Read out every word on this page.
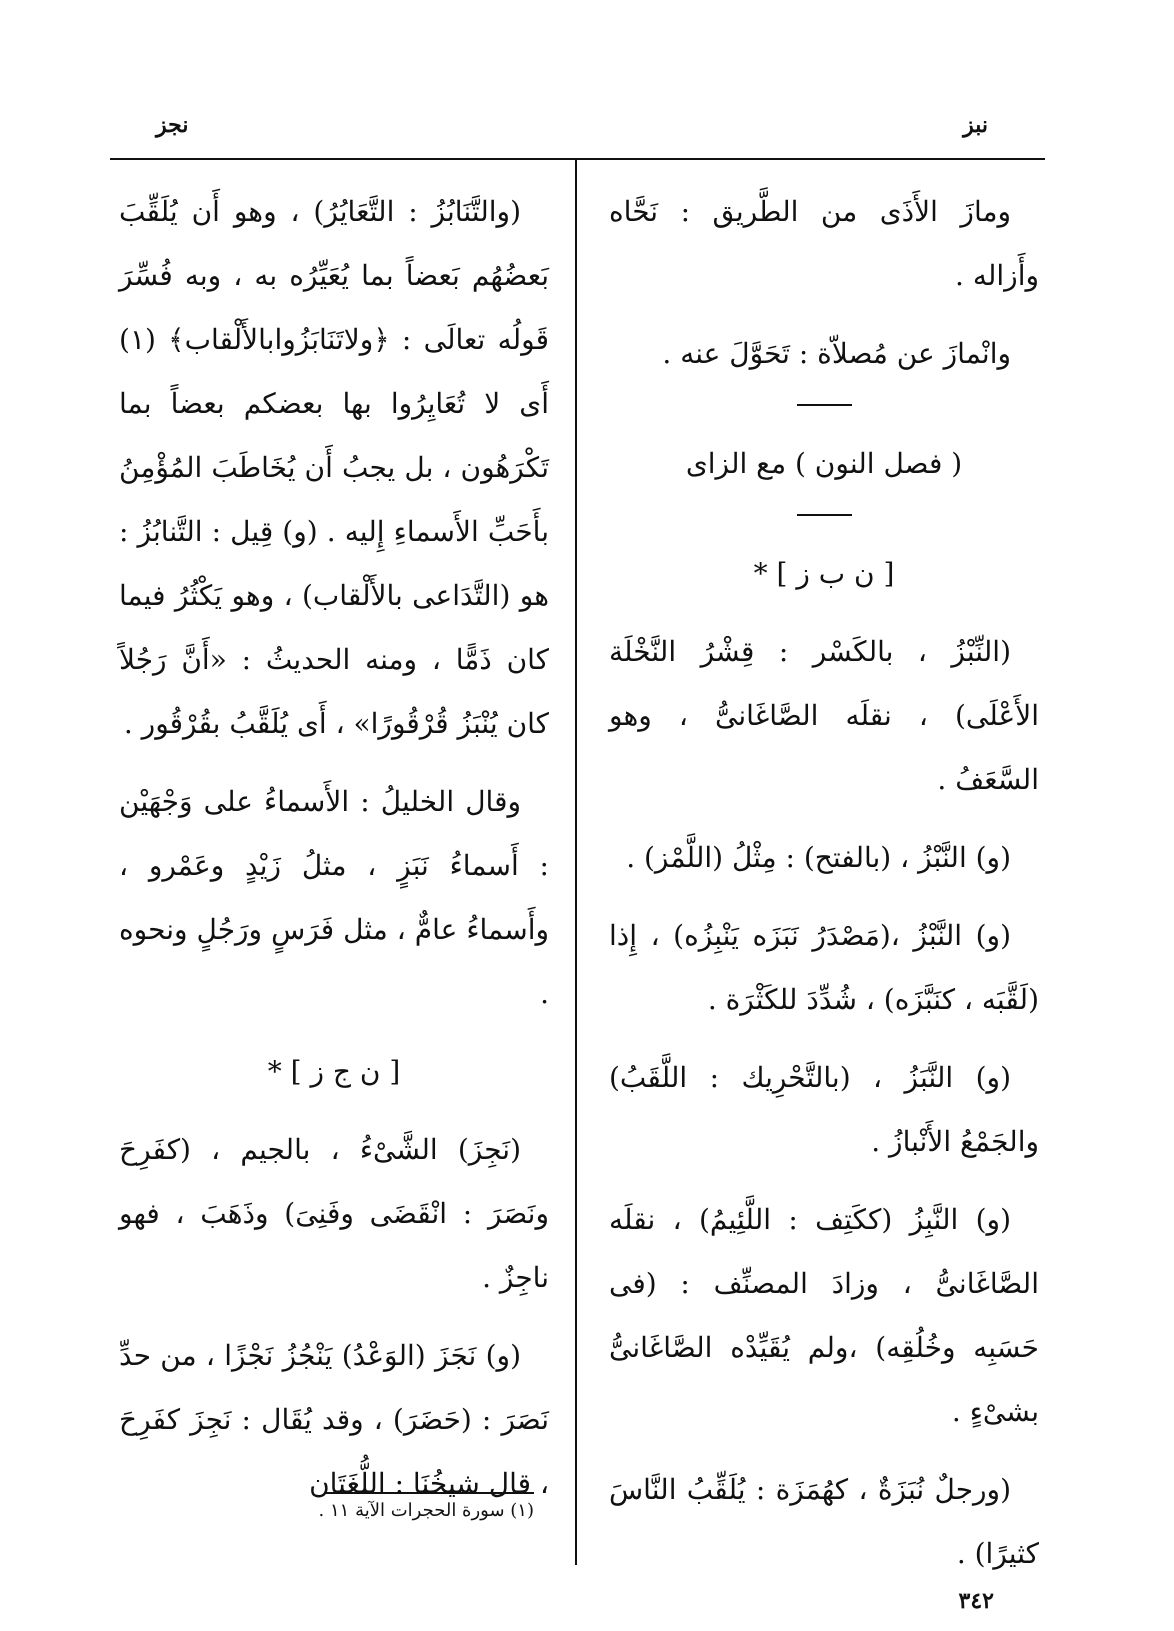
نبز
نجز

ومازَ الأَذَى من الطَّريق : نَحَّاه وأَزاله .

وانْمازَ عن مُصلاّة : تَحَوَّلَ عنه .

( فصل النون ) مع الزاى
[ ن ب ز ] *

(النِّبْزُ ، بالكَسْر : قِشْرُ النَّخْلَة الأَعْلَى) ، نقلَه الصَّاغَانىُّ ، وهو السَّعَفُ .

(و) النَّبْزُ ، (بالفتح) : مِثْلُ (اللَّمْز) .

(و) النَّبْزُ ،(مَصْدَرُ نَبَزَه يَنْبِزُه) ، إِذا (لَقَّبَه ، كنَبَّزَه) ، شُدِّدَ للكَثْرَة .

(و) النَّبَزُ ، (بالتَّحْرِيك : اللَّقَبُ) والجَمْعُ الأَنْبازُ .

(و) النَّبِزُ (ككَتِف : اللَّئِيمُ) ، نقلَه الصَّاغَانىُّ ، وزادَ المصنِّف : (فى حَسَبِه وخُلُقِه) ،ولم يُقَيِّدْه الصَّاغَانىُّ بشىْءٍ .

(ورجلٌ نُبَزَةٌ ، كهُمَزَة : يُلَقِّبُ النَّاسَ كثيرًا) .

(والتَّنَابُزُ : التَّعَايُرُ) ، وهو أَن يُلَقِّبَ بَعضُهُم بَعضاً بما يُعَيِّرُه به ، وبه فُسِّرَ قَولُه تعالَى : ﴿ولاتَنَابَزُوابالأَلْقاب﴾ (١) أَى لا تُعَايِرُوا بها بعضكم بعضاً بما تَكْرَهُون ، بل يجبُ أَن يُخَاطَبَ المُؤْمِنُ بأَحَبِّ الأَسماءِ إِليه . (و) قِيل : التَّنابُزُ : هو (التَّدَاعى بالأَلْقاب) ، وهو يَكْثُرُ فيما كان ذَمًّا ، ومنه الحديثُ : «أَنَّ رَجُلاً كان يُنْبَزُ قُرْقُورًا» ، أَى يُلَقَّبُ بقُرْقُور .

وقال الخليلُ : الأَسماءُ على وَجْهَيْن : أَسماءُ نَبَزٍ ، مثلُ زَيْدٍ وعَمْرو ، وأَسماءُ عامٌّ ، مثل فَرَسٍ ورَجُلٍ ونحوه .

[ ن ج ز ] *

(نَجِزَ) الشَّىْءُ ، بالجيم ، (كفَرِحَ ونَصَرَ : انْقَضَى وفَنِىَ) وذَهَبَ ، فهو ناجِزٌ .

(و) نَجَزَ (الوَعْدُ) يَنْجُزُ نَجْزًا ، من حدِّ نَصَرَ : (حَضَرَ) ، وقد يُقَال : نَجِزَ كفَرِحَ ، قال شيخُنَا : اللُّغَتَان

(١) سورة الحجرات الآية ١١ .
٣٤٢
